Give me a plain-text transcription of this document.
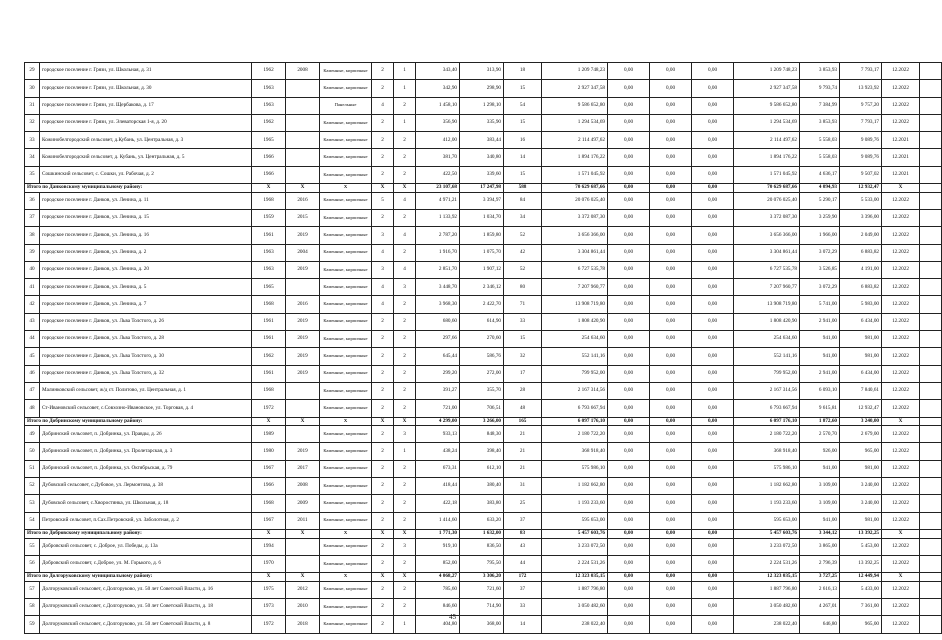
29	городское поселение г. Грязи, ул. Школьная, д. 31	1962	2008	Каменные, кирпичные	2	1	343,40	313,90	18	1 209 748,23	0,00	0,00	0,00	1 209 748,23	3 853,93	7 793,17	12.2022	
30	городское поселение г. Грязи, ул. Школьная, д. 30	1963		Каменные, кирпичные	2	1	342,90	298,90	15	2 927 347,58	0,00	0,00	0,00	2 927 347,58	9 793,74	13 923,92	12.2022	
31	городское поселение г. Грязи, ул. Щербакова, д. 17	1963		Панельные	4	2	1 458,10	1 298,10	54	9 586 652,80	0,00	0,00	0,00	9 586 652,80	7 384,99	9 757,20	12.2022	
32	городское поселение г. Грязи, ул. Элеваторская 1-я, д. 20	1962		Каменные, кирпичные	2	1	356,90	335,90	15	1 294 534,69	0,00	0,00	0,00	1 294 534,69	3 853,93	7 793,17	12.2022	
33	Кожинобелгородский сельсовет, д.Кубань, ул. Центральная, д. 3	1965		Каменные, кирпичные	2	2	412,00	383,44	16	2 114 497,62	0,00	0,00	0,00	2 114 497,62	5 558,03	9 089,76	12.2021	
34	Кожинобелгородский сельсовет, д. Кубань, ул. Центральная, д. 5	1966		Каменные, кирпичные	2	2	381,70	340,80	14	1 894 176,22	0,00	0,00	0,00	1 894 176,22	5 558,03	9 089,76	12.2021	
35	Сошкинский сельсовет, с. Сошки, ул. Рабочая, д. 2	1966		Каменные, кирпичные	2	2	422,50	339,60	15	1 571 045,92	0,00	0,00	0,00	1 571 045,92	4 636,17	9 507,02	12.2021	
Итого по Данковскому муниципальному району:		X	X	X	X	X	23 107,68	17 247,98	588	70 629 687,66	0,00	0,00	0,00	70 629 687,66	4 094,93	12 932,47	X	
36	городское поселение г. Данков, ул. Ленина, д. 11	1968	2016	Каменные, кирпичные	5	4	4 971,21	3 394,97	84	20 076 025,40	0,00	0,00	0,00	20 076 025,40	5 290,17	5 533,00	12.2022	
37	городское поселение г. Данков, ул. Ленина, д. 15	1959	2015	Каменные, кирпичные	2	2	1 133,92	1 034,70	34	3 372 087,30	0,00	0,00	0,00	3 372 087,30	3 259,90	3 396,00	12.2022	
38	городское поселение г. Данков, ул. Ленина, д. 16	1961	2019	Каменные, кирпичные	3	4	2 787,20	1 859,80	52	3 656 366,00	0,00	0,00	0,00	3 656 366,00	1 966,00	2 049,00	12.2022	
39	городское поселение г. Данков, ул. Ленина, д. 2	1963	2004	Каменные, кирпичные	4	2	1 916,70	1 075,70	42	3 304 861,44	0,00	0,00	0,00	3 304 861,44	3 072,29	6 883,82	12.2022	
40	городское поселение г. Данков, ул. Ленина, д. 20	1963	2019	Каменные, кирпичные	3	4	2 851,70	1 907,12	52	6 727 535,78	0,00	0,00	0,00	6 727 535,78	3 526,85	4 191,00	12.2022	
41	городское поселение г. Данков, ул. Ленина, д. 5	1965		Каменные, кирпичные	4	3	3 448,70	2 346,12	80	7 207 960,77	0,00	0,00	0,00	7 207 960,77	3 072,29	6 883,82	12.2022	
42	городское поселение г. Данков, ул. Ленина, д. 7	1968	2016	Каменные, кирпичные	4	2	3 968,30	2 422,70	71	13 908 719,80	0,00	0,00	0,00	13 908 719,80	5 741,00	5 983,00	12.2022	
43	городское поселение г. Данков, ул. Льва Толстого, д. 26	1961	2019	Каменные, кирпичные	2	2	680,60	614,90	33	1 808 420,90	0,00	0,00	0,00	1 808 420,90	2 941,00	6 434,00	12.2022	
44	городское поселение г. Данков, ул. Льва Толстого, д. 28	1961	2019	Каменные, кирпичные	2	2	297,66	270,60	15	254 634,60	0,00	0,00	0,00	254 634,60	941,00	981,00	12.2022	
45	городское поселение г. Данков, ул. Льва Толстого, д. 30	1962	2019	Каменные, кирпичные	2	2	645,44	586,76	32	552 141,16	0,00	0,00	0,00	552 141,16	941,00	981,00	12.2022	
46	городское поселение г. Данков, ул. Льва Толстого, д. 32	1961	2019	Каменные, кирпичные	2	2	299,20	272,00	17	799 952,00	0,00	0,00	0,00	799 952,00	2 941,00	6 434,00	12.2022	
47	Малинковский сельсовет, ж/д ст. Политово, ул. Центральная, д. 1	1968		Каменные, кирпичные	2	2	391,27	355,70	28	2 167 314,56	0,00	0,00	0,00	2 167 314,56	6 093,10	7 840,61	12.2022	
48	Ст-Ивановский сельсовет, с.Совхозно-Ивановское, ул. Торговая, д. 4	1972		Каменные, кирпичные	2	2	721,00	706,51	48	6 793 667,94	0,00	0,00	0,00	6 793 667,94	9 615,81	12 932,47	12.2022	
Итого по Добринскому муниципальному району:		X	X	X	X	X	4 299,00	3 266,00	165	6 097 176,10	0,00	0,00	0,00	6 097 176,10	1 872,60	3 240,00	X	
49	Добринский сельсовет, п. Добринка, ул. Правды, д. 26	1989		Каменные, кирпичные	2	3	933,13	848,30	21	2 180 722,20	0,00	0,00	0,00	2 180 722,20	2 570,70	2 679,00	12.2022	
50	Добринский сельсовет, п. Добринка, ул. Пролетарская, д. 3	1980	2019	Каменные, кирпичные	2	1	438,24	398,40	21	368 918,40	0,00	0,00	0,00	368 918,40	926,00	965,00	12.2022	
51	Добринский сельсовет, п. Добринка, ул. Октябрьская, д. 79	1967	2017	Каменные, кирпичные	2	2	673,31	612,10	21	575 986,10	0,00	0,00	0,00	575 986,10	941,00	981,00	12.2022	
52	Дубовский сельсовет, с.Дубовое, ул. Лермонтова, д. 38	1966	2008	Каменные, кирпичные	2	2	418,44	380,40	31	1 182 662,80	0,00	0,00	0,00	1 182 662,80	3 109,00	3 240,00	12.2022	
53	Дубовской сельсовет, с.Хворостянка, ул. Школьная, д. 18	1968	2009	Каменные, кирпичные	2	2	422,18	383,80	25	1 193 233,60	0,00	0,00	0,00	1 193 233,60	3 109,00	3 240,00	12.2022	
54	Петровский сельсовет, п.Сах.Петровский, ул. Заболотная, д. 2	1967	2011	Каменные, кирпичные	2	2	1 414,60	633,20	37	595 653,00	0,00	0,00	0,00	595 653,00	941,00	981,00	12.2022	
Итого по Добровскому муниципальному району:		X	X	X	X	X	1 771,30	1 632,00	83	5 457 603,76	0,00	0,00	0,00	5 457 603,76	3 344,12	13 392,25	X	
55	Добровский сельсовет, с. Доброе, ул. Победы, д. 13а	1994		Каменные, кирпичные	2	3	919,10	836,50	43	3 233 072,50	0,00	0,00	0,00	3 233 072,50	3 865,00	5 453,00	12.2022	
56	Добровский сельсовет, с.Доброе, ул. М. Горького, д. 6	1970		Каменные, кирпичные	2	2	852,00	795,50	44	2 224 531,26	0,00	0,00	0,00	2 224 531,26	2 796,39	13 392,25	12.2022	
Итого по Долгоруковскому муниципальному району:		X	X	X	X	X	4 068,27	3 306,20	172	12 323 035,15	0,00	0,00	0,00	12 323 035,15	3 727,25	12 449,94	X	
57	Долгоруковский сельсовет, с.Долгоруково, ул. 50 лет Советской Власти, д. 16	1975	2012	Каменные, кирпичные	2	2	785,60	721,60	37	1 887 796,80	0,00	0,00	0,00	1 887 796,80	2 616,13	5 433,00	12.2022	
58	Долгоруковский сельсовет, с.Долгоруково, ул. 50 лет Советской Власти, д. 18	1973	2010	Каменные, кирпичные	2	2	846,60	714,90	33	3 050 482,60	0,00	0,00	0,00	3 050 482,60	4 267,01	7 361,00	12.2022	
59	Долгоруковский сельсовет, с.Долгоруково, ул. 50 лет Советской Власти, д. 8	1972	2018	Каменные, кирпичные	2	1	404,80	368,00	14	238 022,40	0,00	0,00	0,00	238 022,40	646,80	965,00	12.2022	
45
